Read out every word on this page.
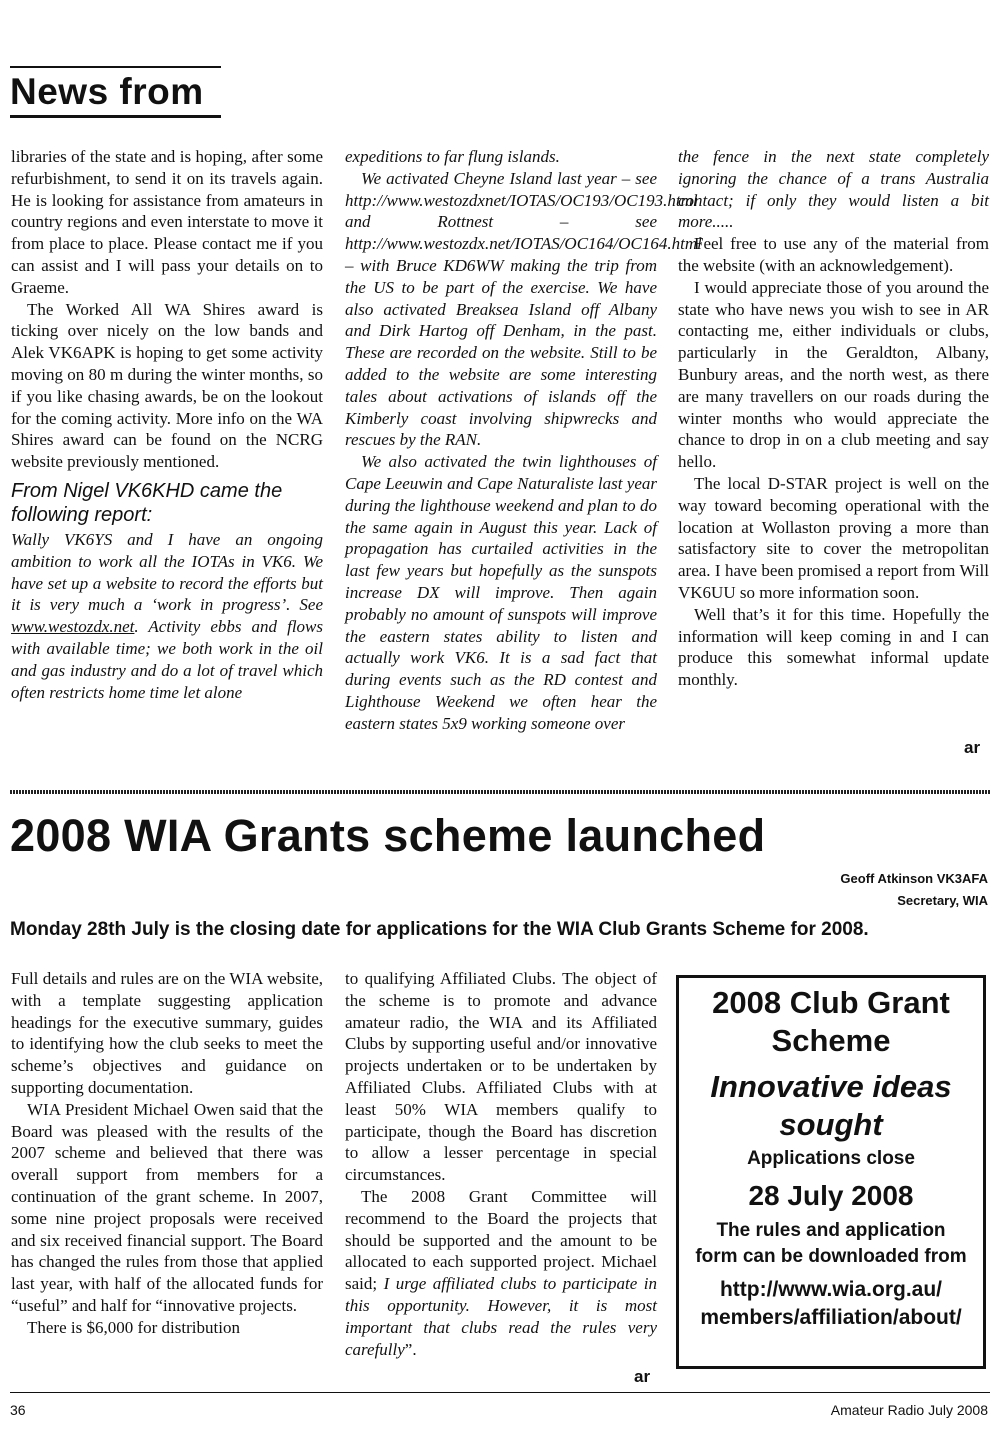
News from

libraries of the state and is hoping, after some refurbishment, to send it on its travels again. He is looking for assistance from amateurs in country regions and even interstate to move it from place to place. Please contact me if you can assist and I will pass your details on to Graeme.

The Worked All WA Shires award is ticking over nicely on the low bands and Alek VK6APK is hoping to get some activity moving on 80 m during the winter months, so if you like chasing awards, be on the lookout for the coming activity. More info on the WA Shires award can be found on the NCRG website previously mentioned.

From Nigel VK6KHD came the following report:

Wally VK6YS and I have an ongoing ambition to work all the IOTAs in VK6. We have set up a website to record the efforts but it is very much a ‘work in progress’. See www.westozdx.net. Activity ebbs and flows with available time; we both work in the oil and gas industry and do a lot of travel which often restricts home time let alone

expeditions to far flung islands.

We activated Cheyne Island last year – see http://www.westozdxnet/IOTAS/OC193/OC193.html and Rottnest – see http://www.westozdx.net/IOTAS/OC164/OC164.html – with Bruce KD6WW making the trip from the US to be part of the exercise. We have also activated Breaksea Island off Albany and Dirk Hartog off Denham, in the past. These are recorded on the website. Still to be added to the website are some interesting tales about activations of islands off the Kimberly coast involving shipwrecks and rescues by the RAN.

We also activated the twin lighthouses of Cape Leeuwin and Cape Naturaliste last year during the lighthouse weekend and plan to do the same again in August this year. Lack of propagation has curtailed activities in the last few years but hopefully as the sunspots increase DX will improve. Then again probably no amount of sunspots will improve the eastern states ability to listen and actually work VK6. It is a sad fact that during events such as the RD contest and Lighthouse Weekend we often hear the eastern states 5x9 working someone over

the fence in the next state completely ignoring the chance of a trans Australia contact; if only they would listen a bit more.....

Feel free to use any of the material from the website (with an acknowledgement).

I would appreciate those of you around the state who have news you wish to see in AR contacting me, either individuals or clubs, particularly in the Geraldton, Albany, Bunbury areas, and the north west, as there are many travellers on our roads during the winter months who would appreciate the chance to drop in on a club meeting and say hello.

The local D-STAR project is well on the way toward becoming operational with the location at Wollaston proving a more than satisfactory site to cover the metropolitan area. I have been promised a report from Will VK6UU so more information soon.

Well that’s it for this time. Hopefully the information will keep coming in and I can produce this somewhat informal update monthly.

ar
2008 WIA Grants scheme launched
Geoff Atkinson VK3AFA
Secretary, WIA
Monday 28th July is the closing date for applications for the WIA Club Grants Scheme for 2008.

Full details and rules are on the WIA website, with a template suggesting application headings for the executive summary, guides to identifying how the club seeks to meet the scheme’s objectives and guidance on supporting documentation.

WIA President Michael Owen said that the Board was pleased with the results of the 2007 scheme and believed that there was overall support from members for a continuation of the grant scheme. In 2007, some nine project proposals were received and six received financial support. The Board has changed the rules from those that applied last year, with half of the allocated funds for “useful” and half for “innovative projects.

There is $6,000 for distribution

to qualifying Affiliated Clubs. The object of the scheme is to promote and advance amateur radio, the WIA and its Affiliated Clubs by supporting useful and/or innovative projects undertaken or to be undertaken by Affiliated Clubs. Affiliated Clubs with at least 50% WIA members qualify to participate, though the Board has discretion to allow a lesser percentage in special circumstances.

The 2008 Grant Committee will recommend to the Board the projects that should be supported and the amount to be allocated to each supported project. Michael said; I urge affiliated clubs to participate in this opportunity. However, it is most important that clubs read the rules very carefully”.

ar
2008 Club Grant
Scheme
Innovative ideas
sought
Applications close
28 July 2008
The rules and application
form can be downloaded from
http://www.wia.org.au/
members/affiliation/about/
36	Amateur Radio July 2008
